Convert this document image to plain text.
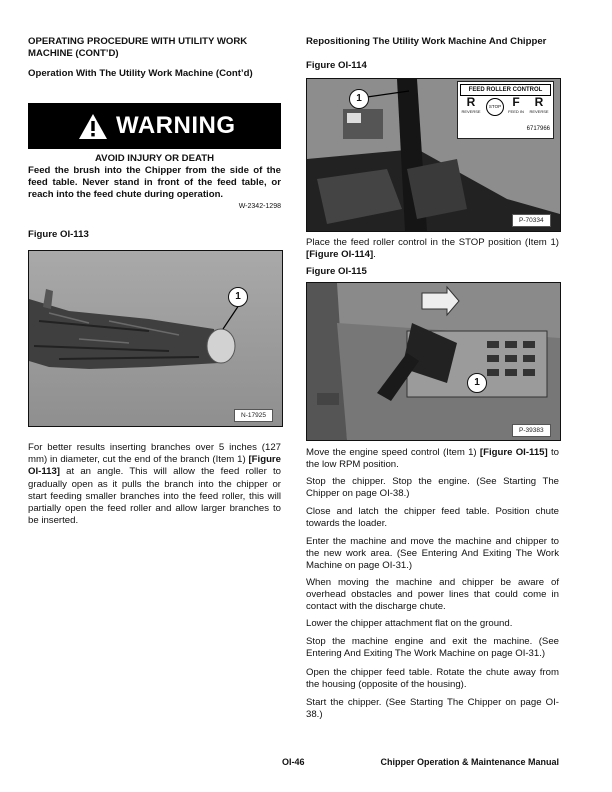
OPERATING PROCEDURE WITH UTILITY WORK MACHINE (CONT’D)
Operation With The Utility Work Machine (Cont’d)
WARNING
AVOID INJURY OR DEATH
Feed the brush into the Chipper from the side of the feed table. Never stand in front of the feed table, or reach into the feed chute during operation.
W-2342-1298
Figure OI-113
1
N-17925
For better results inserting branches over 5 inches (127 mm) in diameter, cut the end of the branch (Item 1) [Figure OI-113] at an angle. This will allow the feed roller to gradually open as it pulls the branch into the chipper or start feeding smaller branches into the feed roller, this will partially open the feed roller and allow larger branches to be inserted.
Repositioning The Utility Work Machine And Chipper
Figure OI-114
FEED ROLLER CONTROL
R
REVERSE
STOP F
FEED IN
R
REVERSE
6717966
1
P-70334
Place the feed roller control in the STOP position (Item 1) [Figure OI-114].
Figure OI-115
1
P-39383
Move the engine speed control (Item 1) [Figure OI-115] to the low RPM position.
Stop the chipper. Stop the engine. (See Starting The Chipper on page OI-38.)
Close and latch the chipper feed table. Position chute towards the loader.
Enter the machine and move the machine and chipper to the new work area. (See Entering And Exiting The Work Machine on page OI-31.)
When moving the machine and chipper be aware of overhead obstacles and power lines that could come in contact with the discharge chute.
Lower the chipper attachment flat on the ground.
Stop the machine engine and exit the machine. (See Entering And Exiting The Work Machine on page OI-31.)
Open the chipper feed table. Rotate the chute away from the housing (opposite of the housing).
Start the chipper. (See Starting The Chipper on page OI-38.)
OI-46	Chipper Operation & Maintenance Manual
